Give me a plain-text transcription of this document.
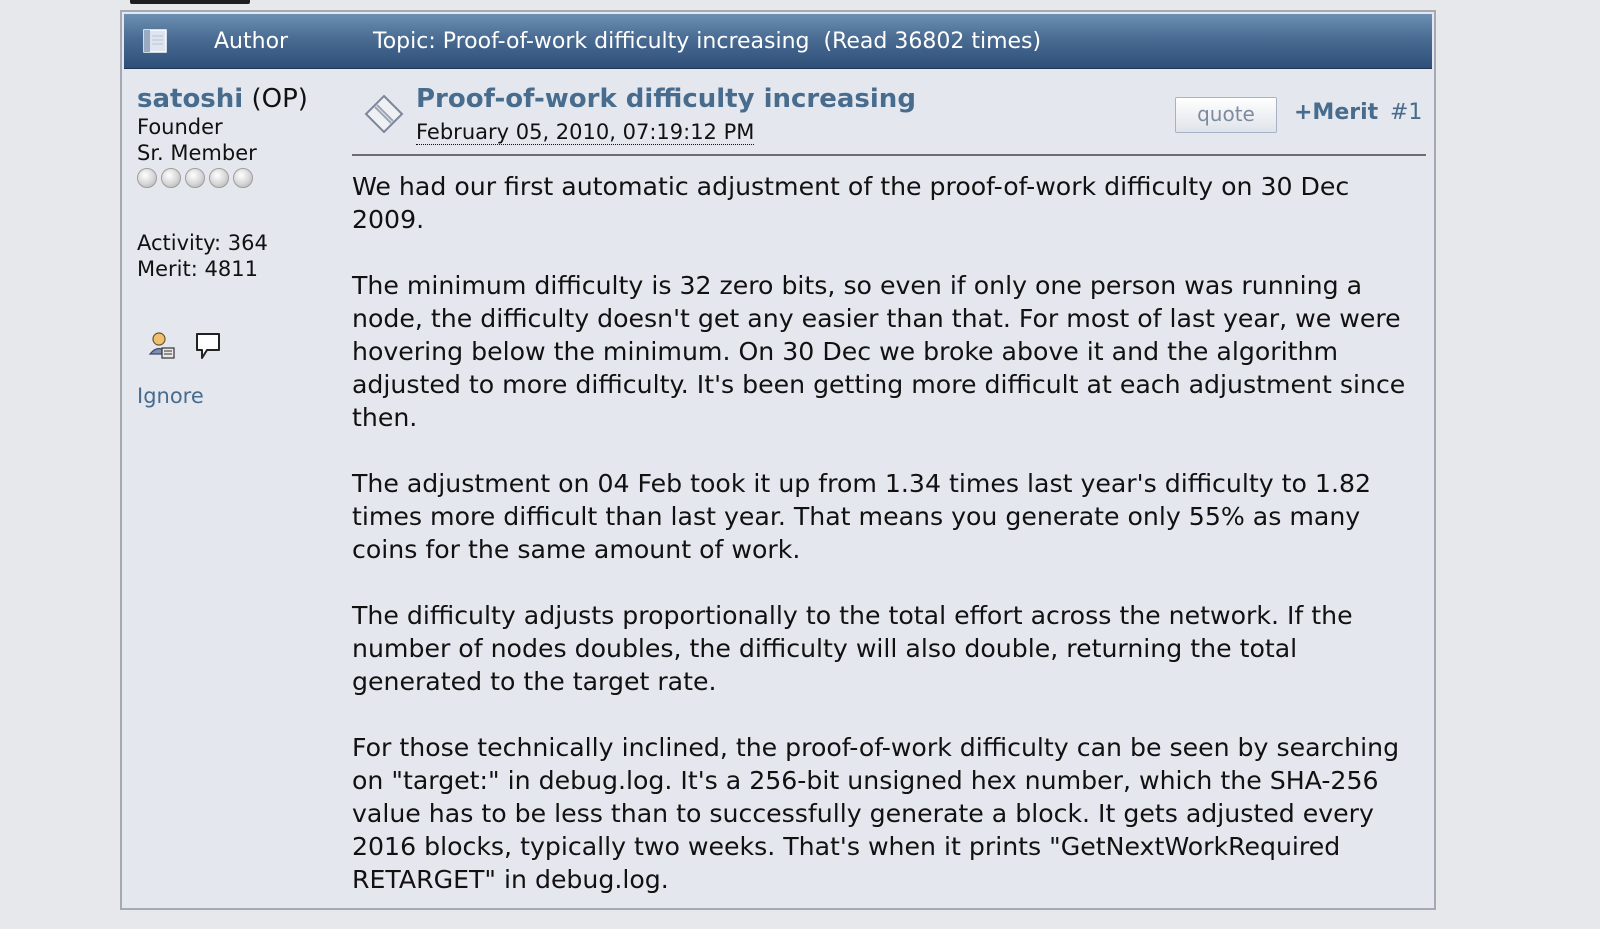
Author	Topic: Proof-of-work difficulty increasing  (Read 36802 times)
satoshi (OP)
Founder
Sr. Member
Activity: 364
Merit: 4811
Ignore
Proof-of-work difficulty increasing
February 05, 2010, 07:19:12 PM
quote	+Merit #1

We had our first automatic adjustment of the proof-of-work difficulty on 30 Dec 2009.

The minimum difficulty is 32 zero bits, so even if only one person was running a node, the difficulty doesn't get any easier than that. For most of last year, we were hovering below the minimum. On 30 Dec we broke above it and the algorithm adjusted to more difficulty. It's been getting more difficult at each adjustment since then.

The adjustment on 04 Feb took it up from 1.34 times last year's difficulty to 1.82 times more difficult than last year. That means you generate only 55% as many coins for the same amount of work.

The difficulty adjusts proportionally to the total effort across the network. If the number of nodes doubles, the difficulty will also double, returning the total generated to the target rate.

For those technically inclined, the proof-of-work difficulty can be seen by searching on "target:" in debug.log. It's a 256-bit unsigned hex number, which the SHA-256 value has to be less than to successfully generate a block. It gets adjusted every 2016 blocks, typically two weeks. That's when it prints "GetNextWorkRequired RETARGET" in debug.log.
